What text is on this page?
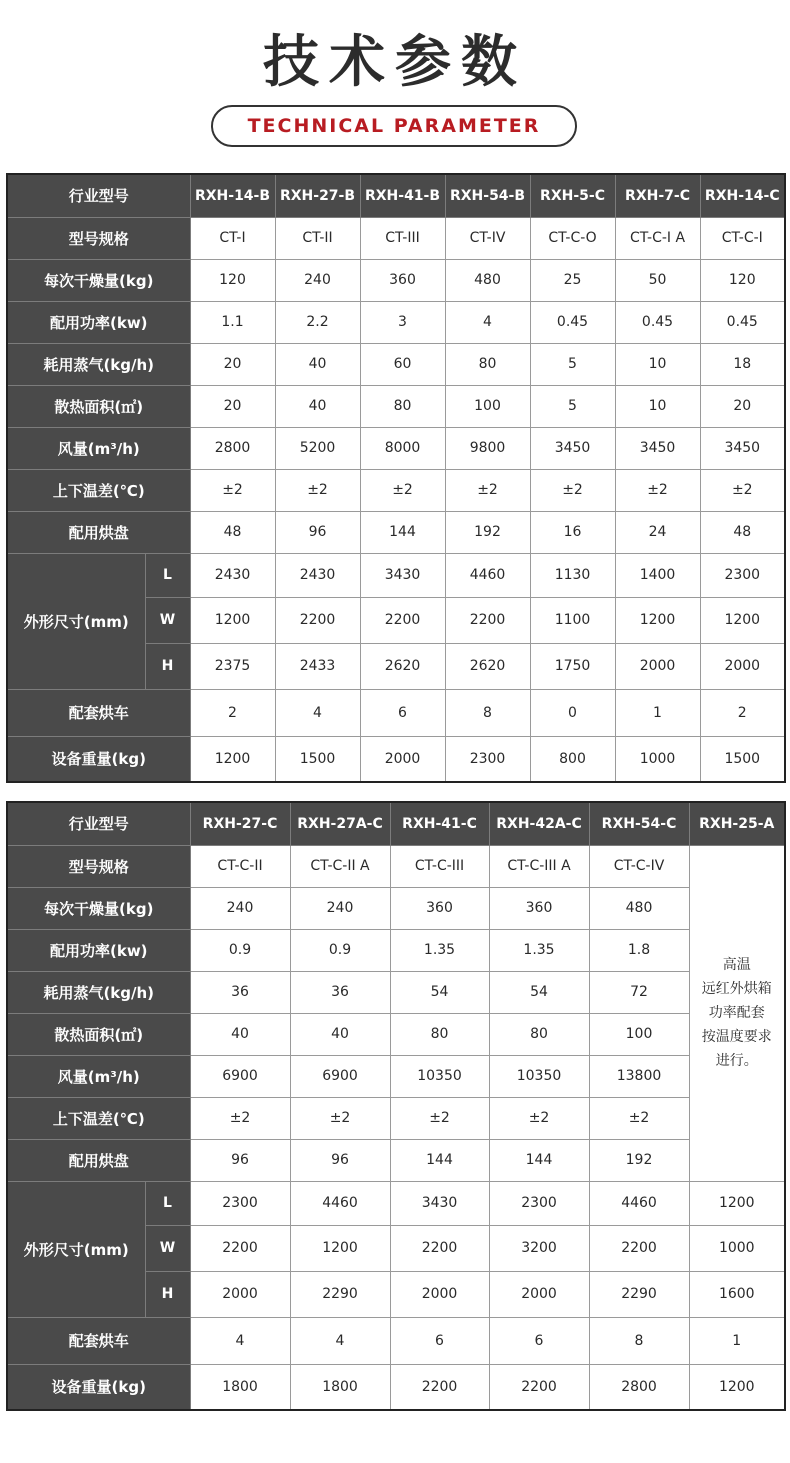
技术参数
TECHNICAL PARAMETER
行业型号		RXH-14-B	RXH-27-B	RXH-41-B	RXH-54-B	RXH-5-C	RXH-7-C	RXH-14-C
型号规格		CT-I	CT-II	CT-III	CT-IV	CT-C-O	CT-C-I A	CT-C-I
每次干燥量(kg)		120	240	360	480	25	50	120
配用功率(kw)		1.1	2.2	3	4	0.45	0.45	0.45
耗用蒸气(kg/h)		20	40	60	80	5	10	18
散热面积(㎡)		20	40	80	100	5	10	20
风量(m³/h)		2800	5200	8000	9800	3450	3450	3450
上下温差(℃)		±2	±2	±2	±2	±2	±2	±2
配用烘盘		48	96	144	192	16	24	48
外形尺寸(mm)	L	2430	2430	3430	4460	1130	1400	2300
	W	1200	2200	2200	2200	1100	1200	1200
	H	2375	2433	2620	2620	1750	2000	2000
配套烘车		2	4	6	8	0	1	2
设备重量(kg)		1200	1500	2000	2300	800	1000	1500
行业型号		RXH-27-C	RXH-27A-C	RXH-41-C	RXH-42A-C	RXH-54-C	RXH-25-A
型号规格		CT-C-II	CT-C-II A	CT-C-III	CT-C-III A	CT-C-IV	高温
远红外烘箱
功率配套
按温度要求
进行。

每次干燥量(kg)		240	240	360	360	480	
配用功率(kw)		0.9	0.9	1.35	1.35	1.8	
耗用蒸气(kg/h)		36	36	54	54	72	
散热面积(㎡)		40	40	80	80	100	
风量(m³/h)		6900	6900	10350	10350	13800	
上下温差(℃)		±2	±2	±2	±2	±2	
配用烘盘		96	96	144	144	192	
外形尺寸(mm)	L	2300	4460	3430	2300	4460	1200
	W	2200	1200	2200	3200	2200	1000
	H	2000	2290	2000	2000	2290	1600
配套烘车		4	4	6	6	8	1
设备重量(kg)		1800	1800	2200	2200	2800	1200
